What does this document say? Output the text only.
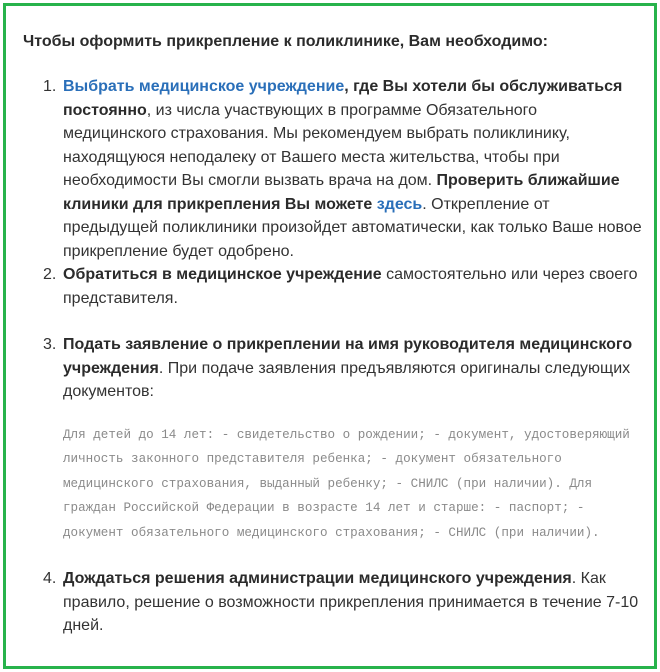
Чтобы оформить прикрепление к поликлинике, Вам необходимо:

1. Выбрать медицинское учреждение, где Вы хотели бы обслуживаться постоянно, из числа участвующих в программе Обязательного медицинского страхования. Мы рекомендуем выбрать поликлинику, находящуюся неподалеку от Вашего места жительства, чтобы при необходимости Вы смогли вызвать врача на дом. Проверить ближайшие клиники для прикрепления Вы можете здесь. Открепление от предыдущей поликлиники произойдет автоматически, как только Ваше новое прикрепление будет одобрено.
2. Обратиться в медицинское учреждение самостоятельно или через своего представителя.
3. Подать заявление о прикреплении на имя руководителя медицинского учреждения. При подаче заявления предъявляются оригиналы следующих документов:
Для детей до 14 лет: - свидетельство о рождении; - документ, удостоверяющий личность законного представителя ребенка; - документ обязательного медицинского страхования, выданный ребенку; - СНИЛС (при наличии). Для граждан Российской Федерации в возрасте 14 лет и старше: - паспорт; - документ обязательного медицинского страхования; - СНИЛС (при наличии).
4. Дождаться решения администрации медицинского учреждения. Как правило, решение о возможности прикрепления принимается в течение 7-10 дней.
